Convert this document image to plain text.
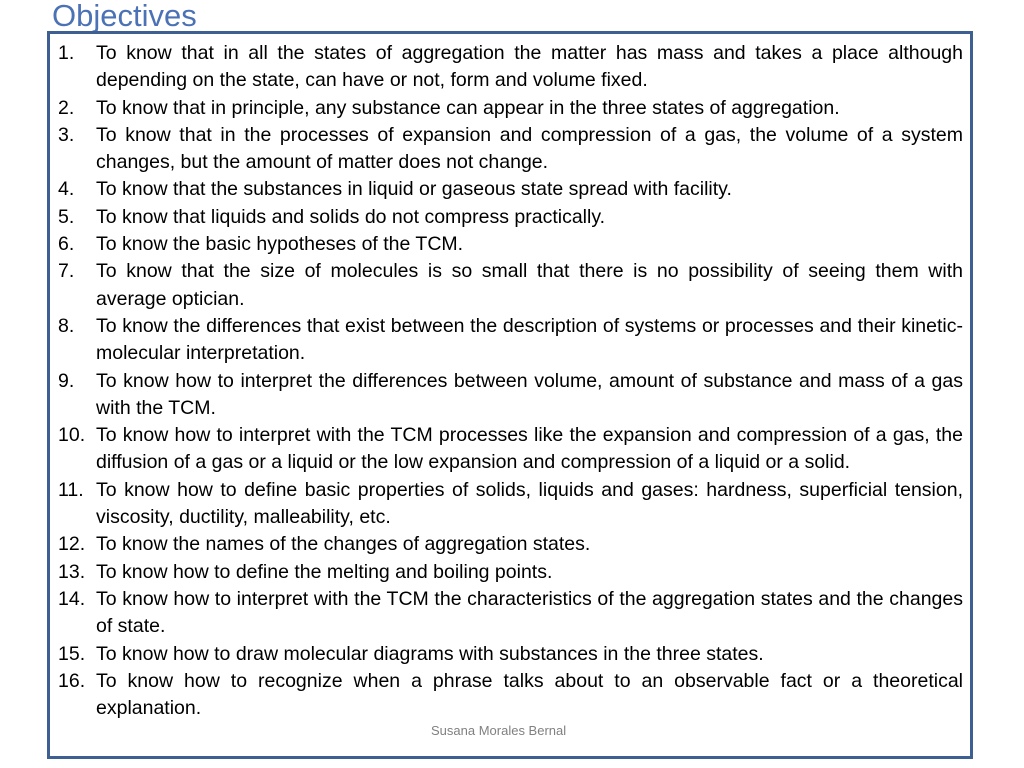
Objectives
1.	To know that in all the states of aggregation the matter has mass and takes a place although depending on the state, can have or not, form and volume fixed.
2.	To know that in principle, any substance can appear in the three states of aggregation.
3.	To know that in the processes of expansion and compression of a gas, the volume of a system changes, but the amount of matter does not change.
4.	To know that the substances in liquid or gaseous state spread with facility.
5.	To know that liquids and solids do not compress practically.
6.	To know the basic hypotheses of the TCM.
7.	To know that the size of molecules is so small that there is no possibility of seeing them with average optician.
8.	To know the differences that exist between the description of systems or processes and their kinetic-molecular interpretation.
9.	To know how to interpret the differences between volume, amount of substance and mass of a gas with the TCM.
10. To know how to interpret with the TCM processes like the expansion and compression of a gas, the diffusion of a gas or a liquid or the low expansion and compression of a liquid or a solid.
11. To know how to define basic properties of solids, liquids and gases: hardness, superficial tension, viscosity, ductility, malleability, etc.
12. To know the names of the changes of aggregation states.
13. To know how to define the melting and boiling points.
14. To know how to interpret with the TCM the characteristics of the aggregation states and the changes of state.
15. To know how to draw molecular diagrams with substances in the three states.
16. To know how to recognize when a phrase talks about to an observable fact or a theoretical explanation.
Susana Morales Bernal
